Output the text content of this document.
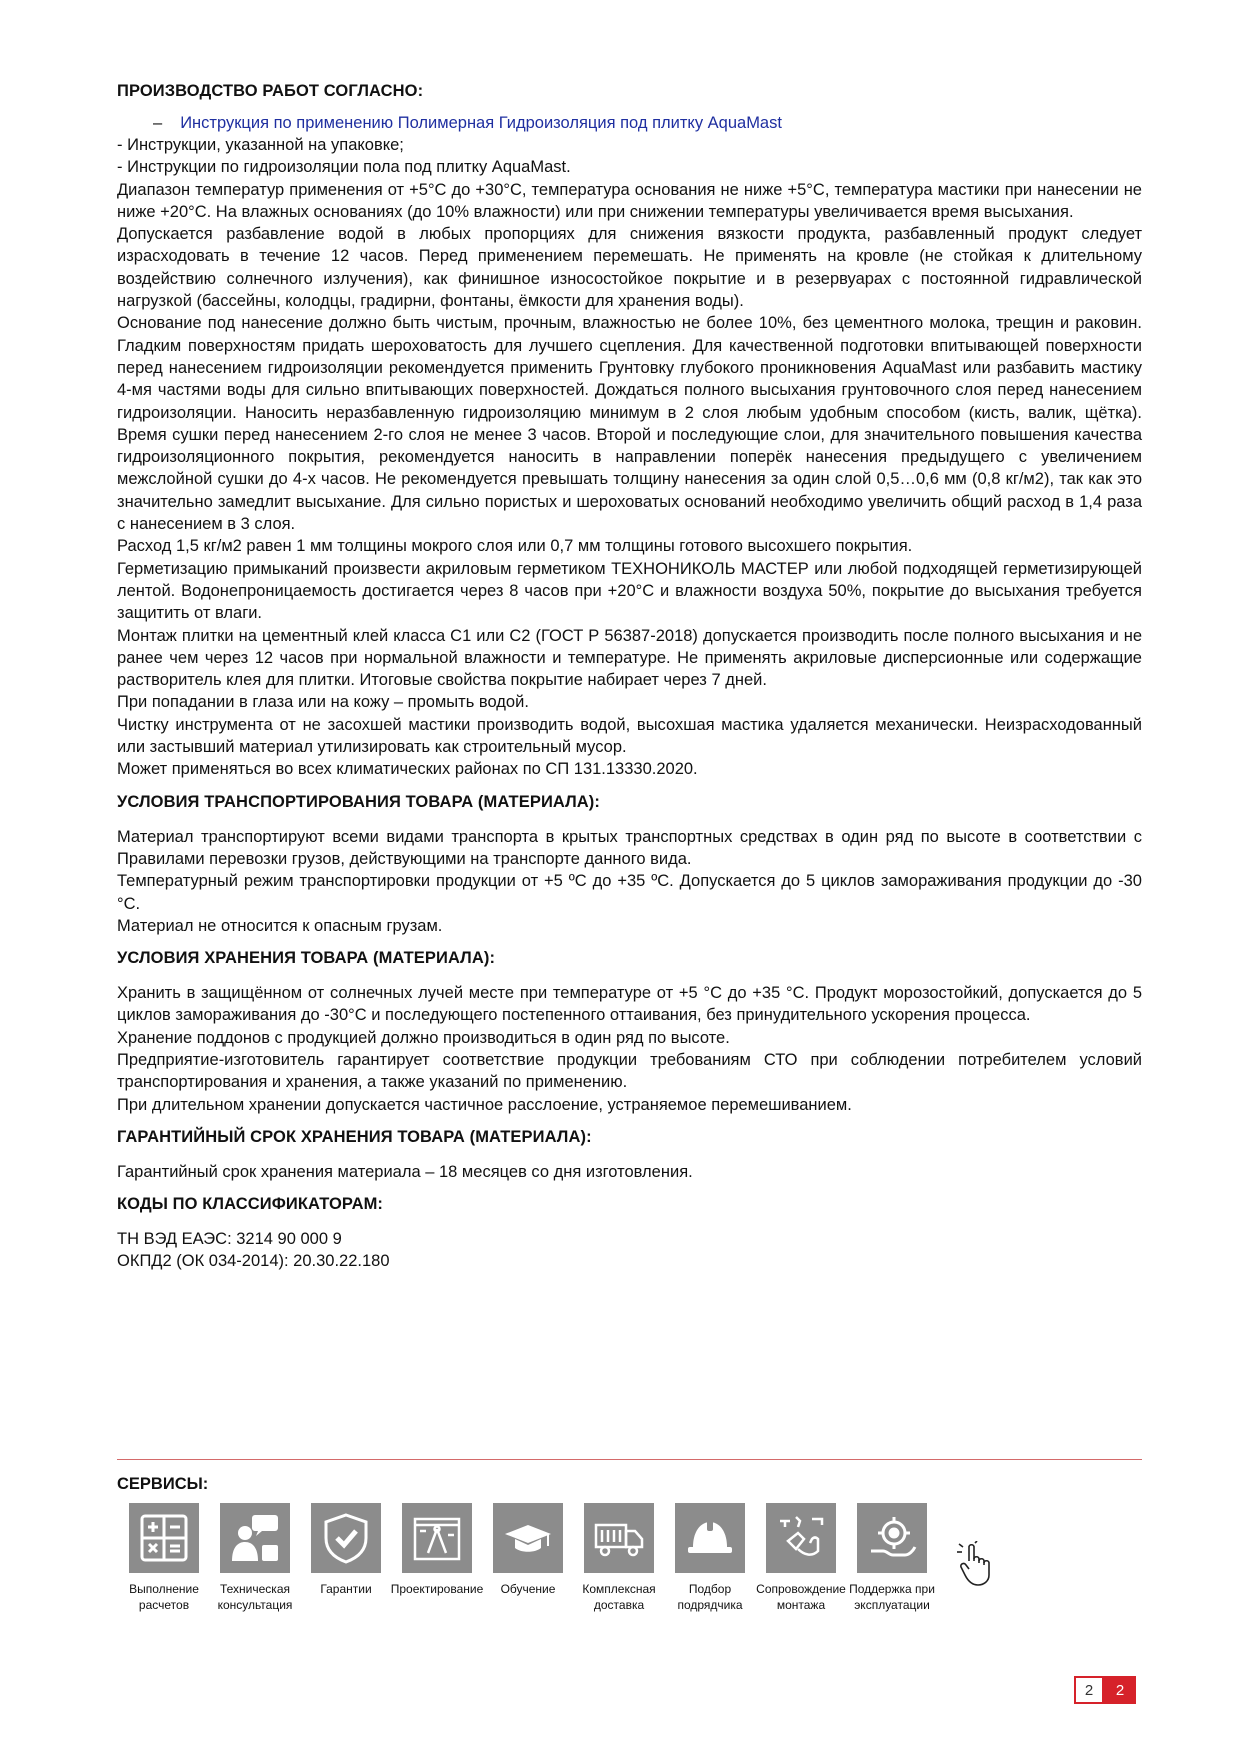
ПРОИЗВОДСТВО РАБОТ СОГЛАСНО:

– Инструкция по применению Полимерная Гидроизоляция под плитку AquaMast

- Инструкции, указанной на упаковке;

- Инструкции по гидроизоляции пола под плитку AquaMast.

Диапазон температур применения от +5°С до +30°С, температура основания не ниже +5°С, температура мастики при нанесении не ниже +20°С. На влажных основаниях (до 10% влажности) или при снижении температуры увеличивается время высыхания.

Допускается разбавление водой в любых пропорциях для снижения вязкости продукта, разбавленный продукт следует израсходовать в течение 12 часов. Перед применением перемешать. Не применять на кровле (не стойкая к длительному воздействию солнечного излучения), как финишное износостойкое покрытие и в резервуарах с постоянной гидравлической нагрузкой (бассейны, колодцы, градирни, фонтаны, ёмкости для хранения воды).

Основание под нанесение должно быть чистым, прочным, влажностью не более 10%, без цементного молока, трещин и раковин. Гладким поверхностям придать шероховатость для лучшего сцепления. Для качественной подготовки впитывающей поверхности перед нанесением гидроизоляции рекомендуется применить Грунтовку глубокого проникновения AquaMast или разбавить мастику 4-мя частями воды для сильно впитывающих поверхностей. Дождаться полного высыхания грунтовочного слоя перед нанесением гидроизоляции. Наносить неразбавленную гидроизоляцию минимум в 2 слоя любым удобным способом (кисть, валик, щётка). Время сушки перед нанесением 2-го слоя не менее 3 часов. Второй и последующие слои, для значительного повышения качества гидроизоляционного покрытия, рекомендуется наносить в направлении поперёк нанесения предыдущего с увеличением межслойной сушки до 4-х часов. Не рекомендуется превышать толщину нанесения за один слой 0,5…0,6 мм (0,8 кг/м2), так как это значительно замедлит высыхание. Для сильно пористых и шероховатых оснований необходимо увеличить общий расход в 1,4 раза с нанесением в 3 слоя.

Расход 1,5 кг/м2 равен 1 мм толщины мокрого слоя или 0,7 мм толщины готового высохшего покрытия.

Герметизацию примыканий произвести акриловым герметиком ТЕХНОНИКОЛЬ МАСТЕР или любой подходящей герметизирующей лентой. Водонепроницаемость достигается через 8 часов при +20°С и влажности воздуха 50%, покрытие до высыхания требуется защитить от влаги.

Монтаж плитки на цементный клей класса С1 или С2 (ГОСТ Р 56387-2018) допускается производить после полного высыхания и не ранее чем через 12 часов при нормальной влажности и температуре. Не применять акриловые дисперсионные или содержащие растворитель клея для плитки. Итоговые свойства покрытие набирает через 7 дней.

При попадании в глаза или на кожу – промыть водой.

Чистку инструмента от не засохшей мастики производить водой, высохшая мастика удаляется механически. Неизрасходованный или застывший материал утилизировать как строительный мусор.

Может применяться во всех климатических районах по СП 131.13330.2020.

УСЛОВИЯ ТРАНСПОРТИРОВАНИЯ ТОВАРА (МАТЕРИАЛА):

Материал транспортируют всеми видами транспорта в крытых транспортных средствах в один ряд по высоте в соответствии с Правилами перевозки грузов, действующими на транспорте данного вида.

Температурный режим транспортировки продукции от +5 ºС до +35 ºС. Допускается до 5 циклов замораживания продукции до -30 °С.

Материал не относится к опасным грузам.

УСЛОВИЯ ХРАНЕНИЯ ТОВАРА (МАТЕРИАЛА):

Хранить в защищённом от солнечных лучей месте при температуре от +5 °С до +35 °С. Продукт морозостойкий, допускается до 5 циклов замораживания до -30°С и последующего постепенного оттаивания, без принудительного ускорения процесса.

Хранение поддонов с продукцией должно производиться в один ряд по высоте.

Предприятие-изготовитель гарантирует соответствие продукции требованиям СТО при соблюдении потребителем условий транспортирования и хранения, а также указаний по применению.

При длительном хранении допускается частичное расслоение, устраняемое перемешиванием.

ГАРАНТИЙНЫЙ СРОК ХРАНЕНИЯ ТОВАРА (МАТЕРИАЛА):

Гарантийный срок хранения материала – 18 месяцев со дня изготовления.

КОДЫ ПО КЛАССИФИКАТОРАМ:

ТН ВЭД ЕАЭС: 3214 90 000 9

ОКПД2 (ОК 034-2014): 20.30.22.180

СЕРВИСЫ:
Выполнение
расчетов
Техническая
консультация
Гарантии	Проектирование	Обучение	Комплексная
доставка
Подбор
подрядчика
Сопровождение
монтажа
Поддержка при
эксплуатации
2	2
